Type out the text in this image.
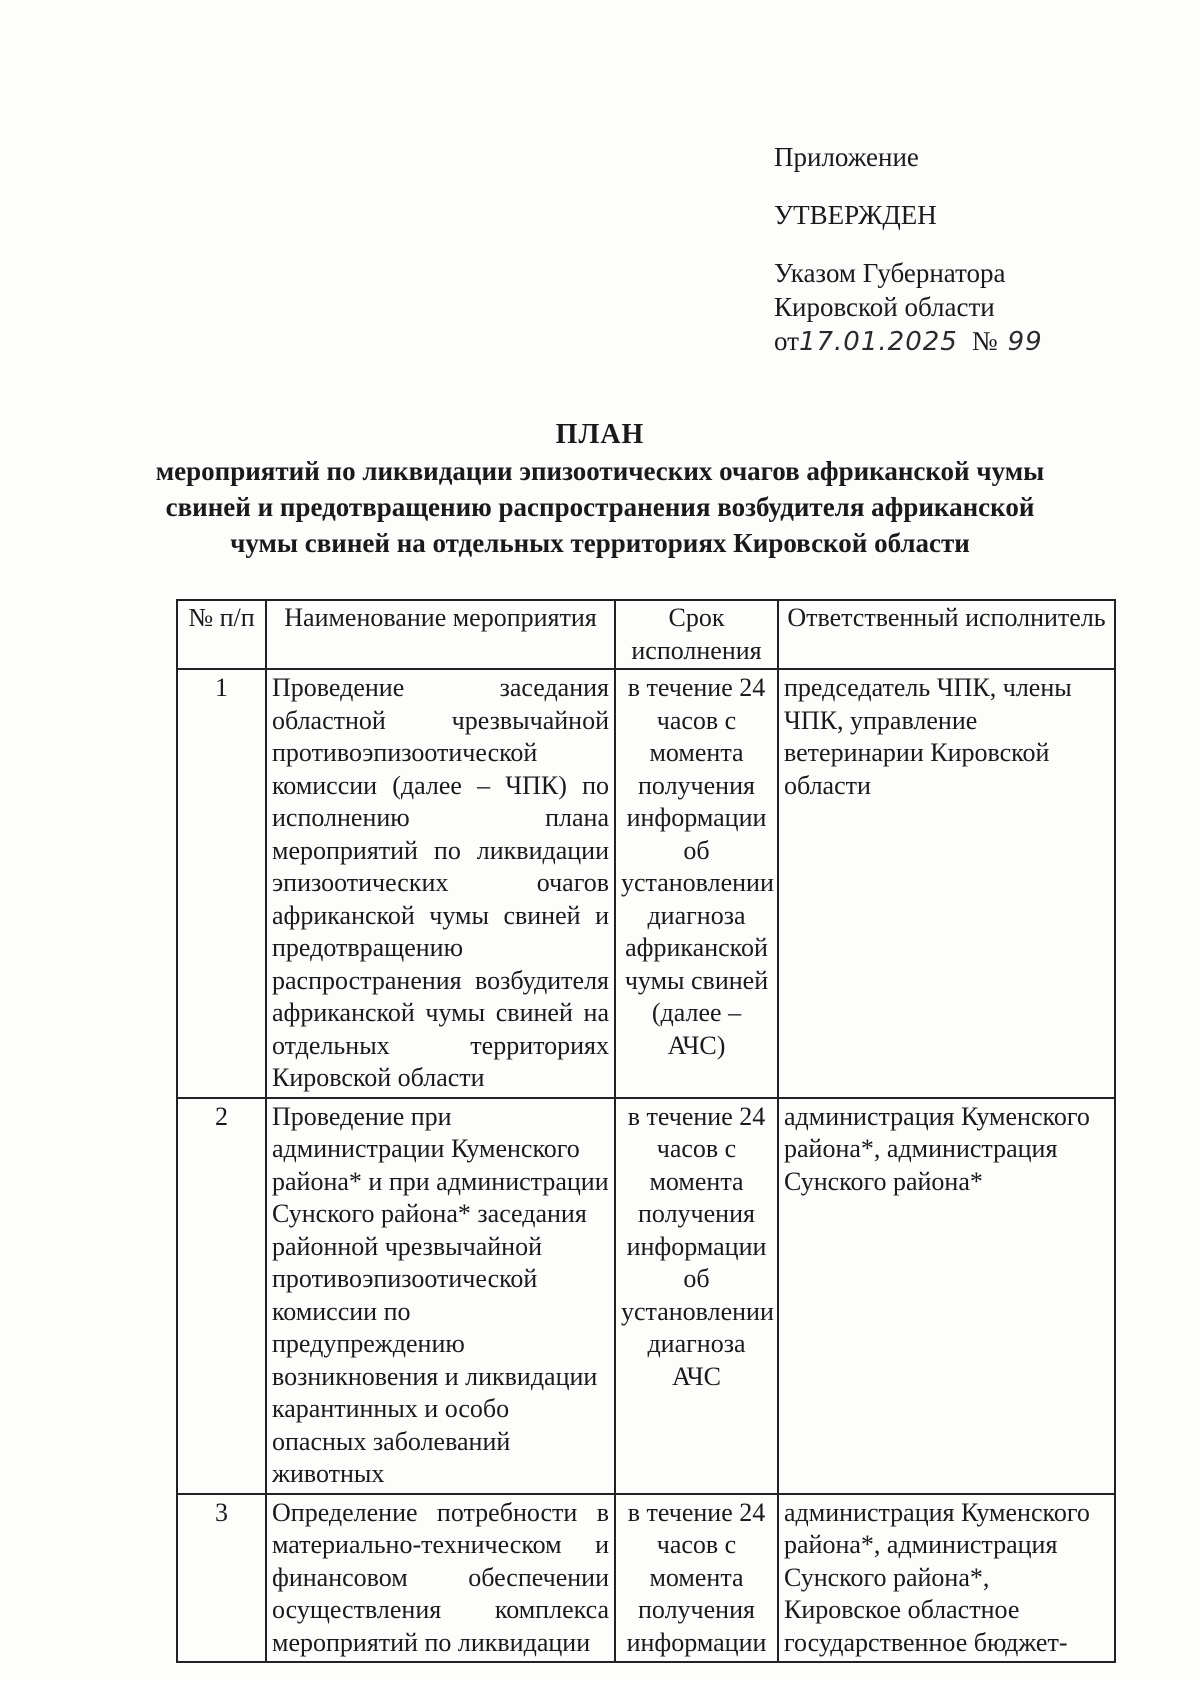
Приложение
УТВЕРЖДЕН
Указом Губернатора
Кировской области
от 17.01.2025 № 99
ПЛАН
мероприятий по ликвидации эпизоотических очагов африканской чумы
свиней и предотвращению распространения возбудителя африканской
чумы свиней на отдельных территориях Кировской области
№ п/п	Наименование мероприятия	Срок исполнения	Ответственный исполнитель
1	Проведение заседания областной чрезвычайной противоэпизоотической комиссии (далее – ЧПК) по исполнению плана мероприятий по ликвидации эпизоотических очагов африканской чумы свиней и предотвращению распространения возбудителя африканской чумы свиней на отдельных территориях Кировской области	в течение 24 часов с момента получения информации об установлении диагноза африканской чумы свиней (далее – АЧС)	председатель ЧПК, члены ЧПК, управление ветеринарии Кировской области
2	Проведение при администрации Куменского района* и при администрации Сунского района* заседания районной чрезвычайной противоэпизоотической комиссии по предупреждению возникновения и ликвидации карантинных и особо опасных заболеваний животных	в течение 24 часов с момента получения информации об установлении диагноза АЧС	администрация Куменского района*, администрация Сунского района*
3	Определение потребности в материально-техническом и финансовом обеспечении осуществления комплекса мероприятий по ликвидации	в течение 24 часов с момента получения информации	администрация Куменского района*, администрация Сунского района*, Кировское областное государственное бюджет-
